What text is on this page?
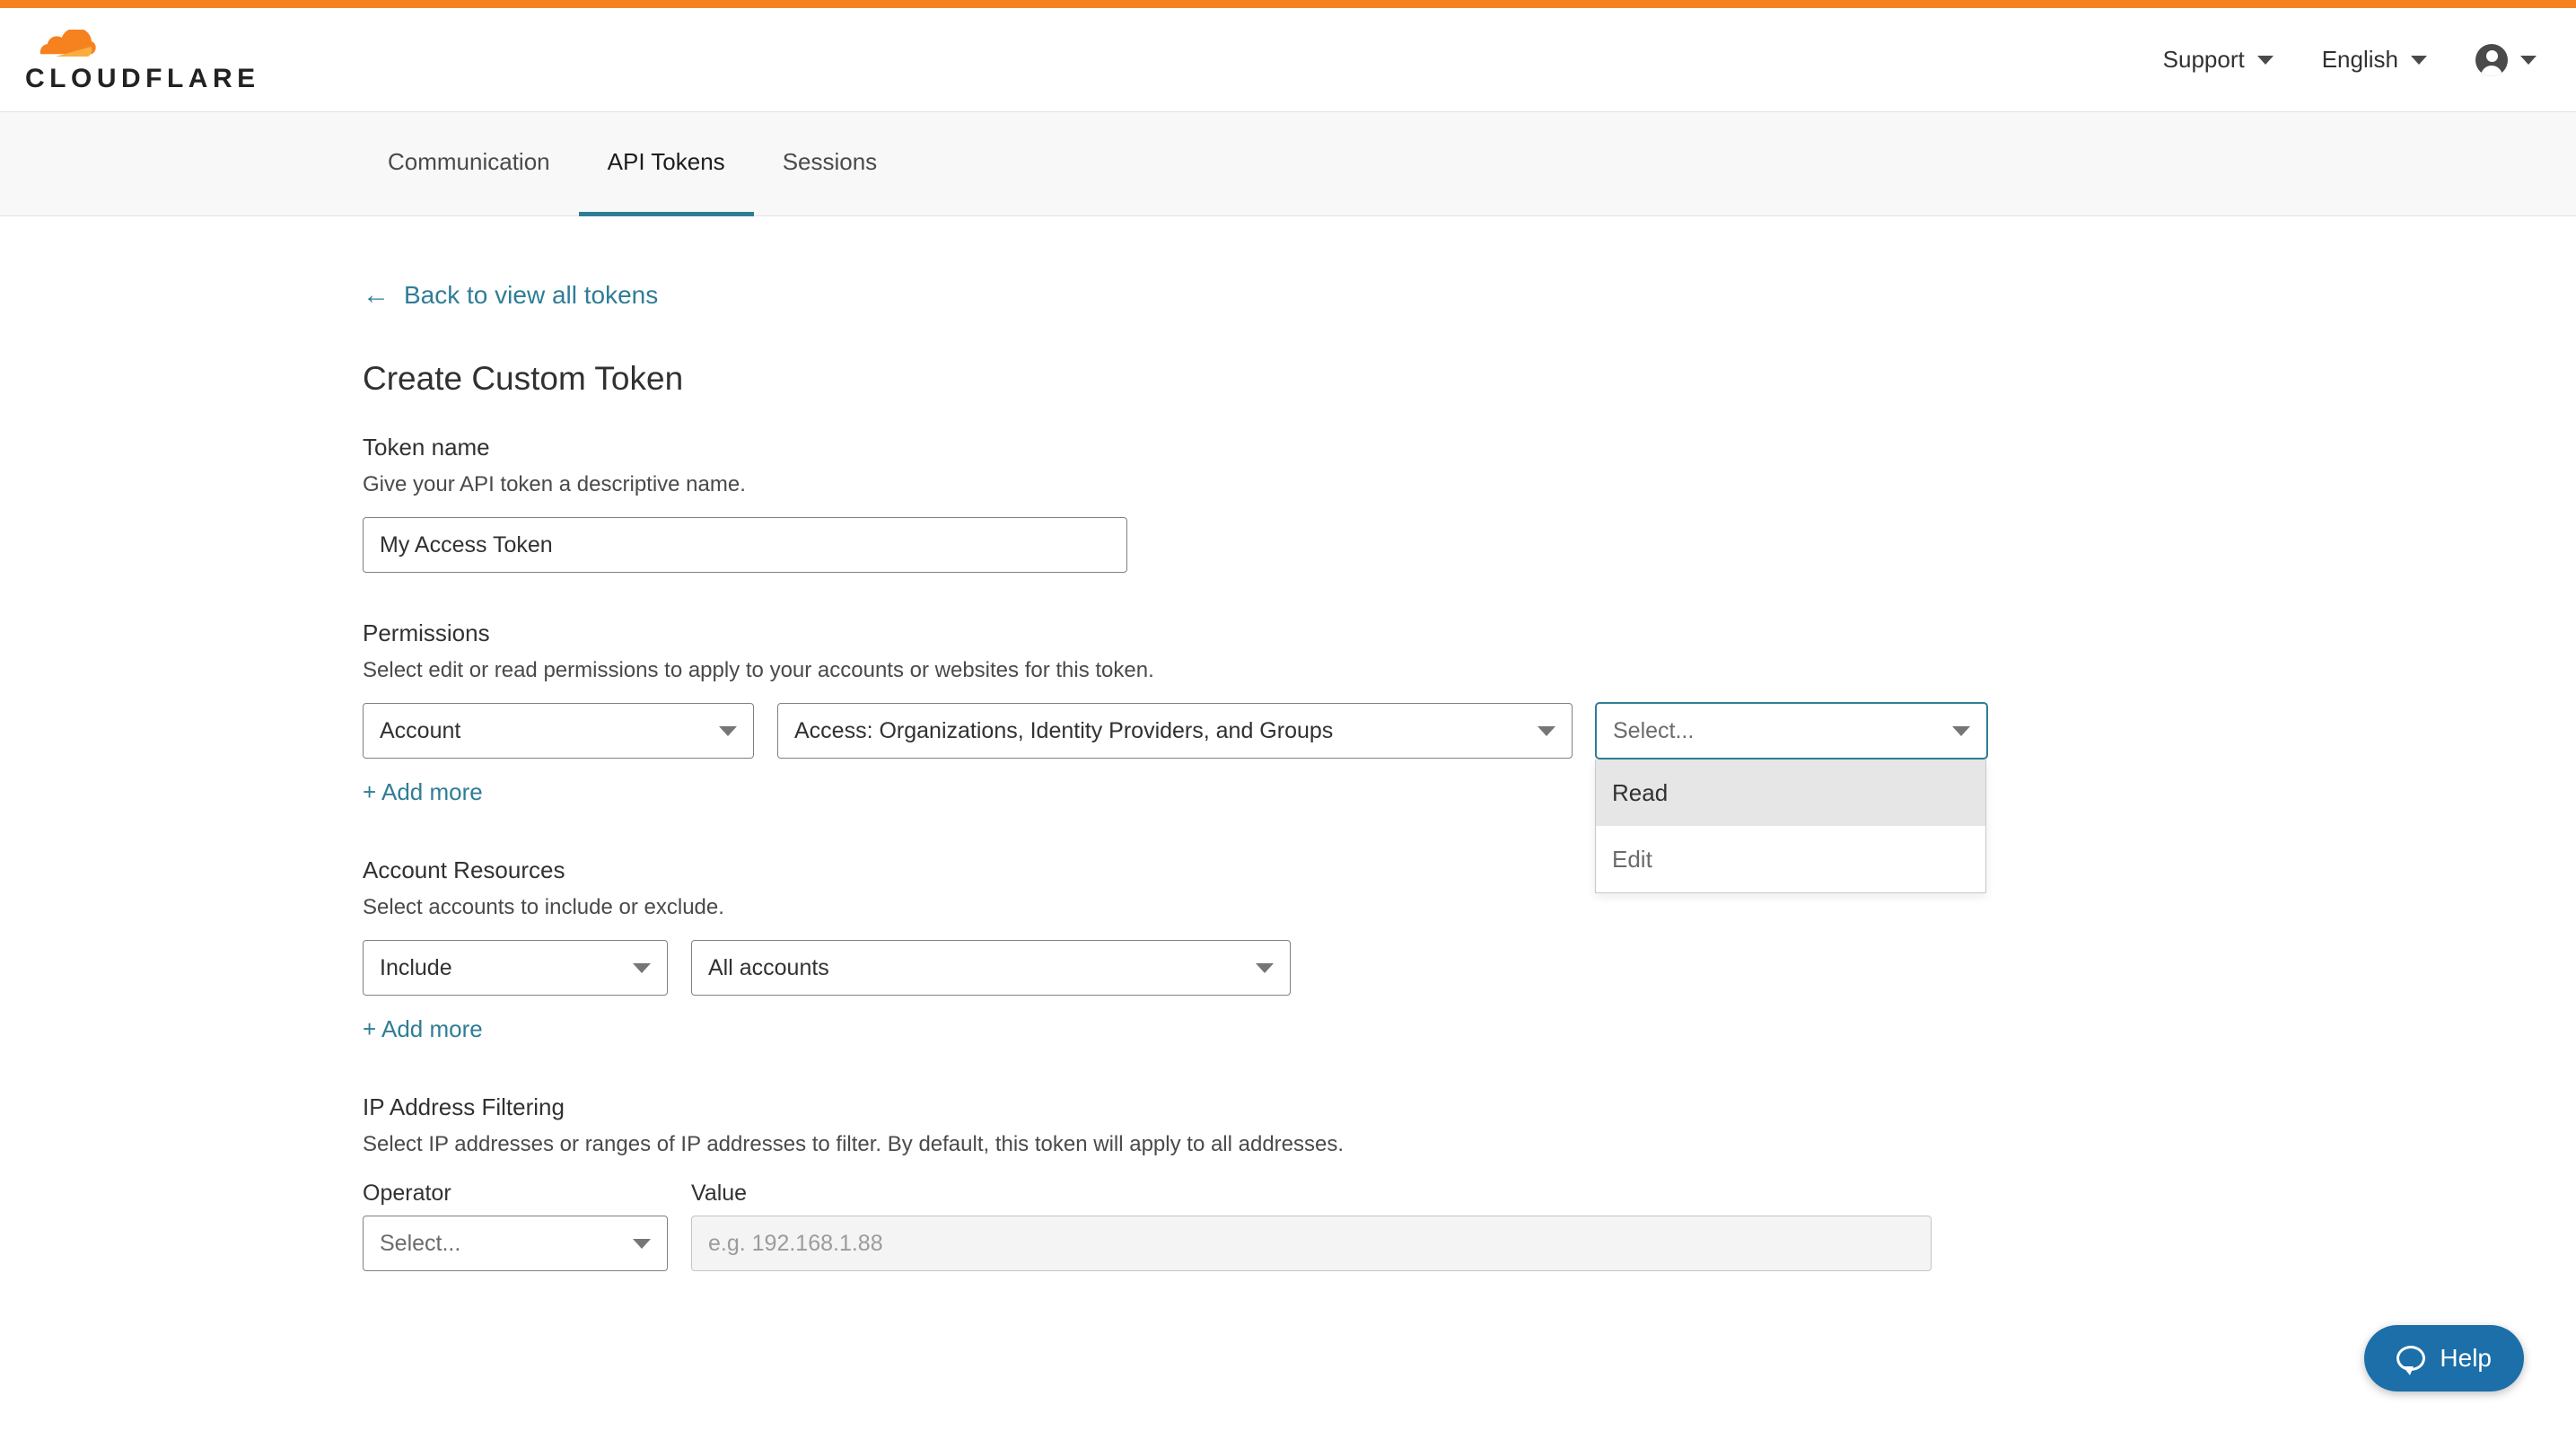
CLOUDFLARE
Support	English
Communication	API Tokens	Sessions
← Back to view all tokens
Create Custom Token
Token name
Give your API token a descriptive name.
My Access Token
Permissions
Select edit or read permissions to apply to your accounts or websites for this token.
Account	Access: Organizations, Identity Providers, and Groups	Select...
Read
Edit
+ Add more
Account Resources
Select accounts to include or exclude.
Include	All accounts
+ Add more
IP Address Filtering
Select IP addresses or ranges of IP addresses to filter. By default, this token will apply to all addresses.
Operator
Select...
Value
e.g. 192.168.1.88
Help
